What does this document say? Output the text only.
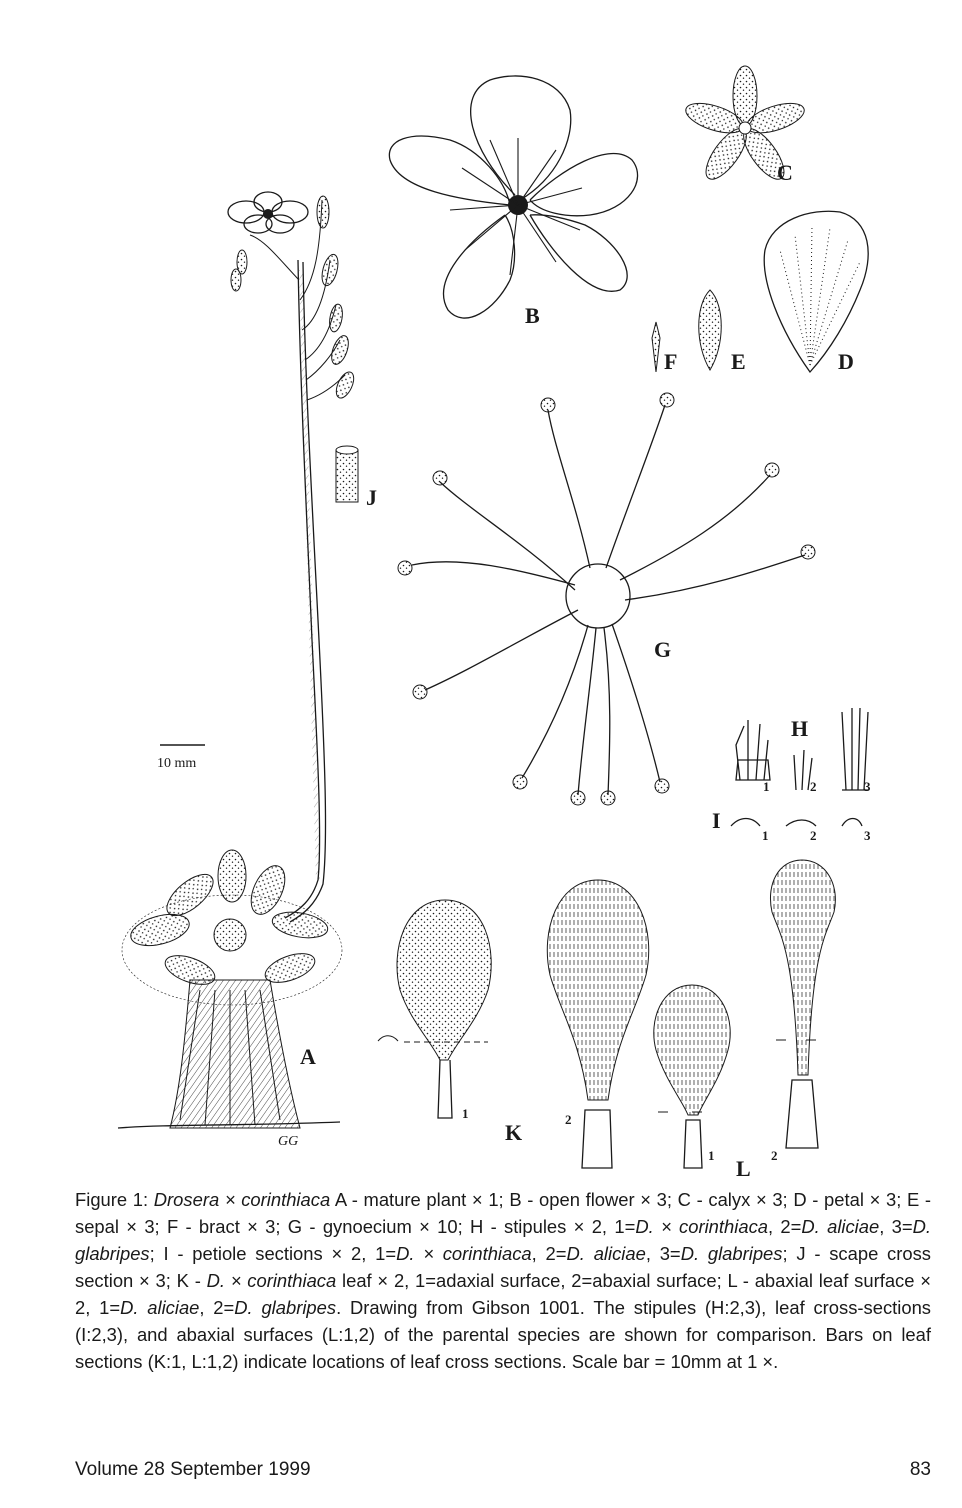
A
GG
10 mm
B
C
D
E
F
J
G
H
1	2	3
I
1	2	3
1	2
K
1	2
L

Figure 1: Drosera × corinthiaca A - mature plant × 1; B - open flower × 3; C - calyx × 3; D - petal × 3; E - sepal × 3; F - bract × 3; G - gynoecium × 10; H - stipules × 2, 1=D. × corinthiaca, 2=D. aliciae, 3=D. glabripes; I - petiole sections × 2, 1=D. × corinthiaca, 2=D. aliciae, 3=D. glabripes; J - scape cross section × 3; K - D. × corinthiaca leaf × 2, 1=adaxial surface, 2=abaxial surface; L - abaxial leaf surface × 2, 1=D. aliciae, 2=D. glabripes. Drawing from Gibson 1001. The stipules (H:2,3), leaf cross-sections (I:2,3), and abaxial surfaces (L:1,2) of the parental species are shown for comparison. Bars on leaf sections (K:1, L:1,2) indicate locations of leaf cross sections. Scale bar = 10mm at 1 ×.

Volume 28 September 1999	83
